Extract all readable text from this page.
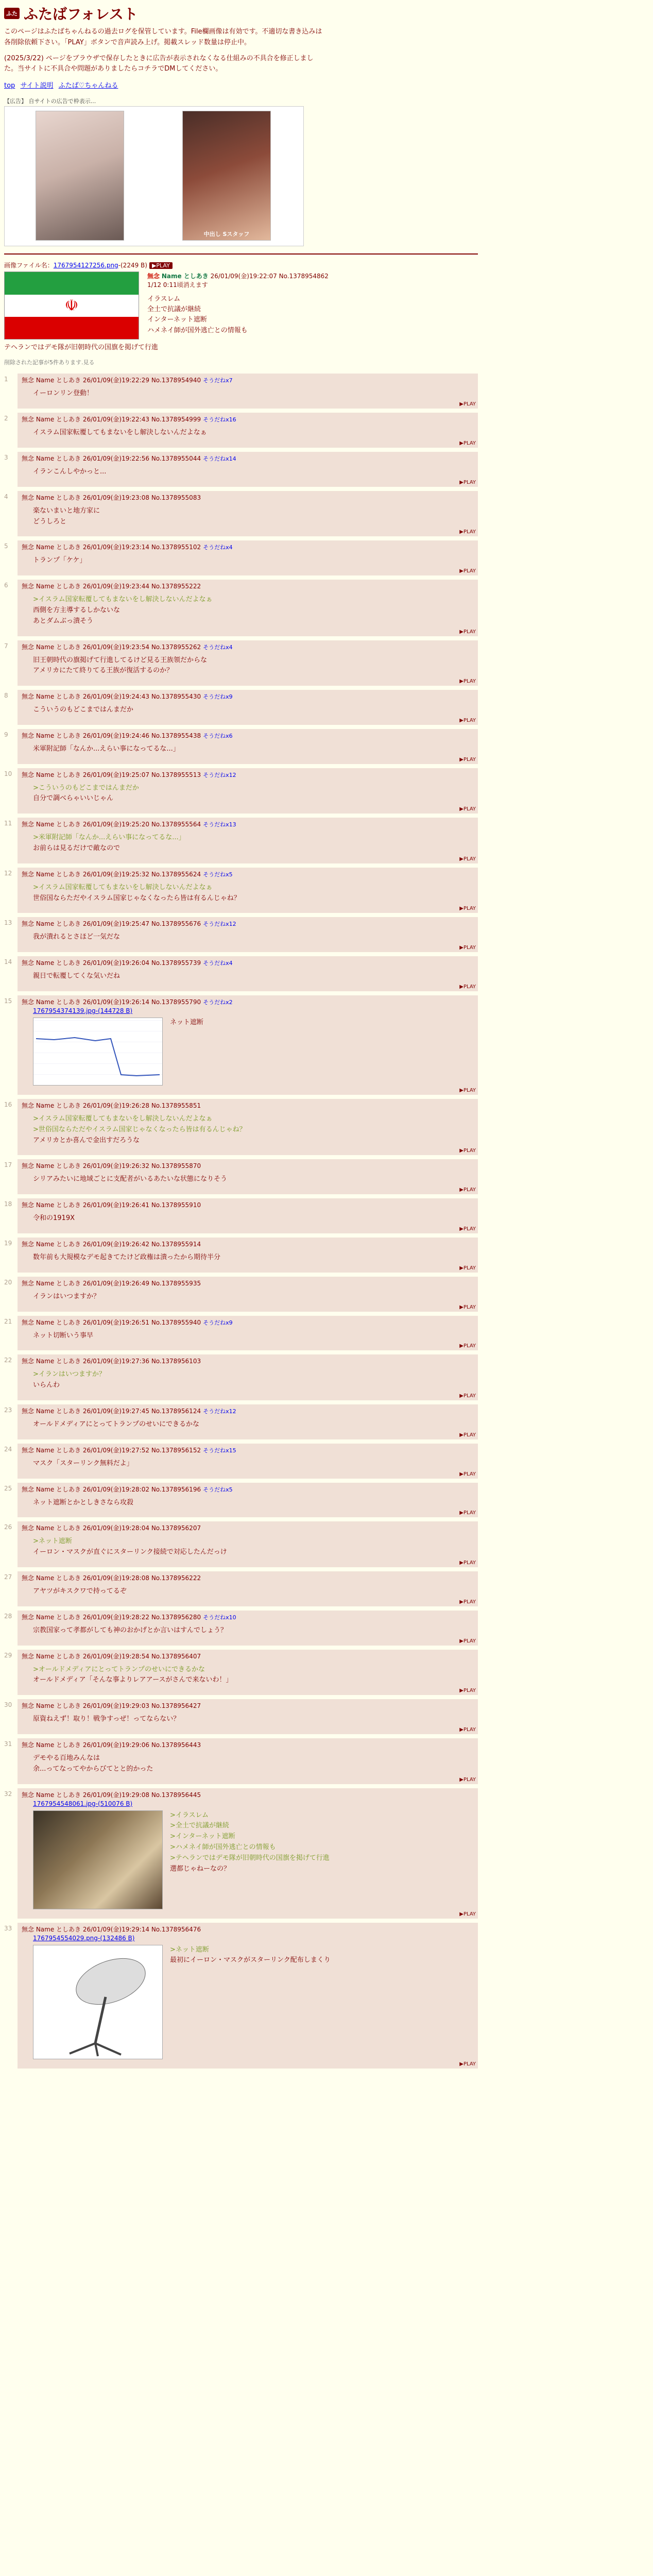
ふた ふたばフォレスト

このページはふたばちゃんねるの過去ログを保管しています。File欄画像は有効です。不適切な書き込みは各削除依頼下さい。「PLAY」ボタンで音声読み上げ。掲載スレッド数量は停止中。

(2025/3/22) ページをブラウザで保存したときに広告が表示されなくなる仕組みの不具合を修正しました。当サイトに不具合や問題がありましたらコチラでDMしてください。

top サイト説明 ふたば♡ちゃんねる
【広告】 自サイトの広告で枠表示...
中出し Sスタッフ
画像ファイル名：1767954127256.png-(2249 B) ▶PLAY
☫
無念 Name としあき 26/01/09(金)19:22:07 No.1378954862
1/12 0:11頃消えます
イラスレム
全土で抗議が継続
インターネット遮断
ハメネイ師が国外逃亡との情報も
テヘランではデモ隊が旧朝時代の国旗を掲げて行進
削除された記事が5件あります.見る
1	無念 Name としあき 26/01/09(金)19:22:29 No.1378954940 そうだねx7
イーロンリン登動！
▶PLAY
2	無念 Name としあき 26/01/09(金)19:22:43 No.1378954999 そうだねx16
イスラム国家転覆してもまないをし解決しないんだよなぁ
▶PLAY
3	無念 Name としあき 26/01/09(金)19:22:56 No.1378955044 そうだねx14
イランこんしやかっと...
▶PLAY
4	無念 Name としあき 26/01/09(金)19:23:08 No.1378955083
楽ないまいと地方家に
どうしろと
▶PLAY
5	無念 Name としあき 26/01/09(金)19:23:14 No.1378955102 そうだねx4
トランプ「ケケ」
▶PLAY
6	無念 Name としあき 26/01/09(金)19:23:44 No.1378955222
>イスラム国家転覆してもまないをし解決しないんだよなぁ
西側を方主導するしかないな
あとダムぶっ潰そう
▶PLAY
7	無念 Name としあき 26/01/09(金)19:23:54 No.1378955262 そうだねx4
旧王朝時代の旗掲げて行進してるけど見る王族領だからな
アメリカにたて終りてる王族が復活するのか？
▶PLAY
8	無念 Name としあき 26/01/09(金)19:24:43 No.1378955430 そうだねx9
こういうのもどこまではんまだか
▶PLAY
9	無念 Name としあき 26/01/09(金)19:24:46 No.1378955438 そうだねx6
米軍附記師「なんか...えらい事になってるな...」
▶PLAY
10	無念 Name としあき 26/01/09(金)19:25:07 No.1378955513 そうだねx12
>こういうのもどこまではんまだか
自分で調べらゃいいじゃん
▶PLAY
11	無念 Name としあき 26/01/09(金)19:25:20 No.1378955564 そうだねx13
>米軍附記師「なんか...えらい事になってるな...」
お前らは見るだけで敵なので
▶PLAY
12	無念 Name としあき 26/01/09(金)19:25:32 No.1378955624 そうだねx5
>イスラム国家転覆してもまないをし解決しないんだよなぁ
世俗国ならただやイスラム国家じゃなくなったら皆は有るんじゃね？
▶PLAY
13	無念 Name としあき 26/01/09(金)19:25:47 No.1378955676 そうだねx12
我が潰れるとさほど一気だな
▶PLAY
14	無念 Name としあき 26/01/09(金)19:26:04 No.1378955739 そうだねx4
親日で転覆してくな気いだね
▶PLAY
15	無念 Name としあき 26/01/09(金)19:26:14 No.1378955790 そうだねx2
1767954374139.jpg-(144728 B)
ネット遮断
▶PLAY
16	無念 Name としあき 26/01/09(金)19:26:28 No.1378955851
>イスラム国家転覆してもまないをし解決しないんだよなぁ
>世俗国ならただやイスラム国家じゃなくなったら皆は有るんじゃね？
アメリカとか喜んで金出すだろうな
▶PLAY
17	無念 Name としあき 26/01/09(金)19:26:32 No.1378955870
シリアみたいに地域ごとに支配者がいるあたいな状態になりそう
▶PLAY
18	無念 Name としあき 26/01/09(金)19:26:41 No.1378955910
令和の1919X
▶PLAY
19	無念 Name としあき 26/01/09(金)19:26:42 No.1378955914
数年前も大規模なデモ起きてたけど政権は潰ったから期待半分
▶PLAY
20	無念 Name としあき 26/01/09(金)19:26:49 No.1378955935
イランはいつますか？
▶PLAY
21	無念 Name としあき 26/01/09(金)19:26:51 No.1378955940 そうだねx9
ネット切断いう事早
▶PLAY
22	無念 Name としあき 26/01/09(金)19:27:36 No.1378956103
>イランはいつますか？
いらんわ
▶PLAY
23	無念 Name としあき 26/01/09(金)19:27:45 No.1378956124 そうだねx12
オールドメディアにとってトランプのせいにできるかな
▶PLAY
24	無念 Name としあき 26/01/09(金)19:27:52 No.1378956152 そうだねx15
マスク「スターリンク無料だよ」
▶PLAY
25	無念 Name としあき 26/01/09(金)19:28:02 No.1378956196 そうだねx5
ネット遮断とかとしきさなら攻殺
▶PLAY
26	無念 Name としあき 26/01/09(金)19:28:04 No.1378956207
>ネット遮断
イーロン・マスクが直ぐにスターリンク接続で対応したんだっけ
▶PLAY
27	無念 Name としあき 26/01/09(金)19:28:08 No.1378956222
アヤツがキスクワで持ってるぞ
▶PLAY
28	無念 Name としあき 26/01/09(金)19:28:22 No.1378956280 そうだねx10
宗教国家って孝都がしても神のおかげとか言いはすんでしょう？
▶PLAY
29	無念 Name としあき 26/01/09(金)19:28:54 No.1378956407
>オールドメディアにとってトランプのせいにできるかな
オールドメディア「そんな事よりレアアースがさんで来ないわ！」
▶PLAY
30	無念 Name としあき 26/01/09(金)19:29:03 No.1378956427
原資ねえず！取り！戦争すっぜ！ってならない？
▶PLAY
31	無念 Name としあき 26/01/09(金)19:29:06 No.1378956443
デモやる百地みんなは
余...ってなってやからびてとと的かった
▶PLAY
32	無念 Name としあき 26/01/09(金)19:29:08 No.1378956445
1767954548061.jpg-(510076 B)
>イラスレム
>全土で抗議が継続
>インターネット遮断
>ハメネイ師が国外逃亡との情報も
>テヘランではデモ隊が旧朝時代の国旗を掲げて行進
選都じゃねーなの？
▶PLAY
33	無念 Name としあき 26/01/09(金)19:29:14 No.1378956476
1767954554029.png-(132486 B)
>ネット遮断
最初にイーロン・マスクがスターリンク配布しまくり
▶PLAY
